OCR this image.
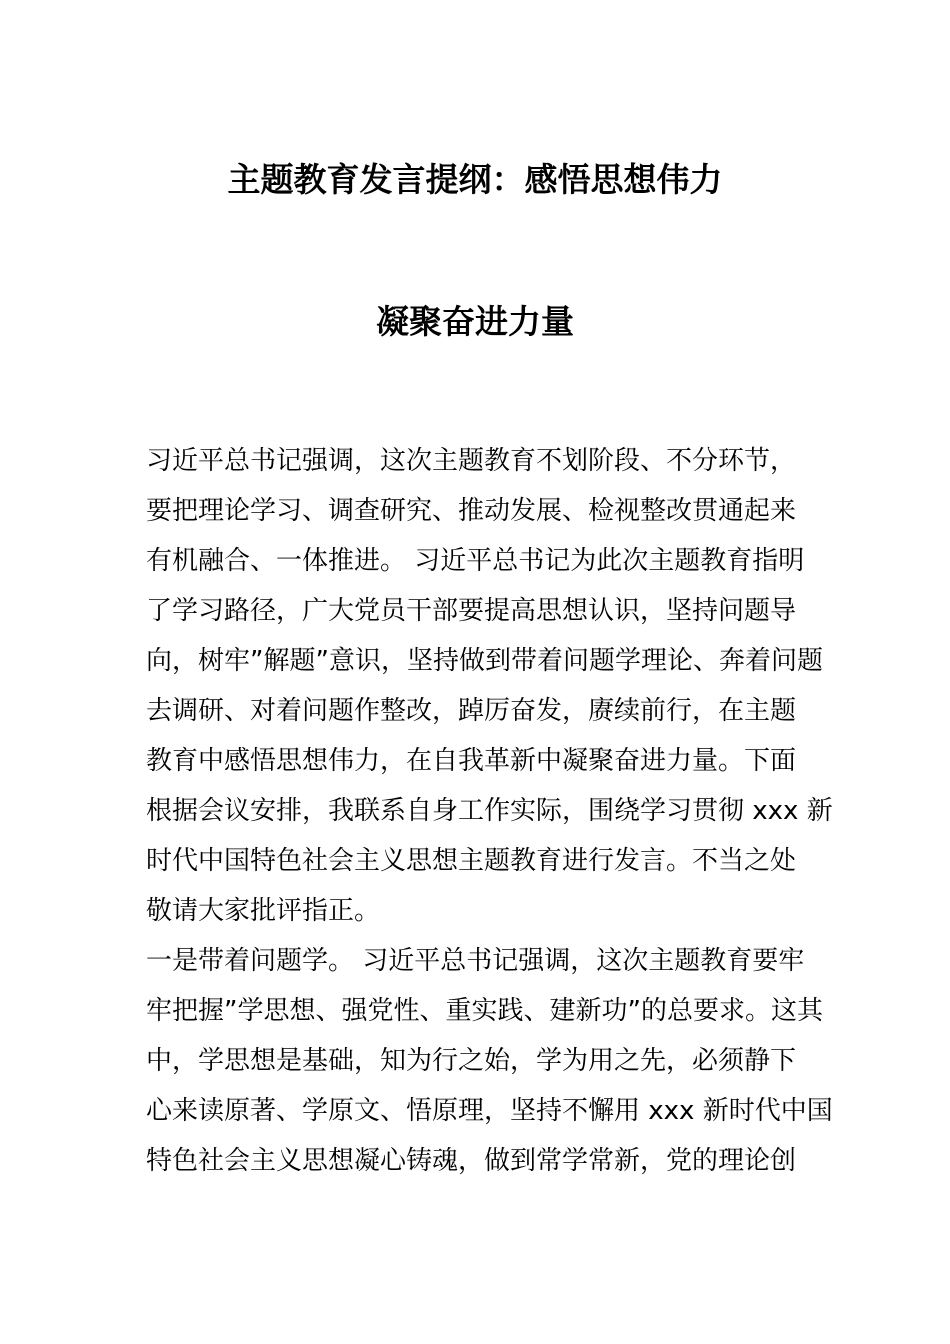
主题教育发言提纲：感悟思想伟力
凝聚奋进力量
习近平总书记强调，这次主题教育不划阶段、不分环节，
要把理论学习、调查研究、推动发展、检视整改贯通起来
有机融合、一体推进。 习近平总书记为此次主题教育指明
了学习路径，广大党员干部要提高思想认识，坚持问题导
向，树牢”解题”意识，坚持做到带着问题学理论、奔着问题
去调研、对着问题作整改，踔厉奋发，赓续前行，在主题
教育中感悟思想伟力，在自我革新中凝聚奋进力量。下面
根据会议安排，我联系自身工作实际，围绕学习贯彻 xxx 新
时代中国特色社会主义思想主题教育进行发言。不当之处
敬请大家批评指正。
一是带着问题学。 习近平总书记强调，这次主题教育要牢
牢把握”学思想、强党性、重实践、建新功”的总要求。这其
中，学思想是基础，知为行之始，学为用之先，必须静下
心来读原著、学原文、悟原理，坚持不懈用 xxx 新时代中国
特色社会主义思想凝心铸魂，做到常学常新，党的理论创
